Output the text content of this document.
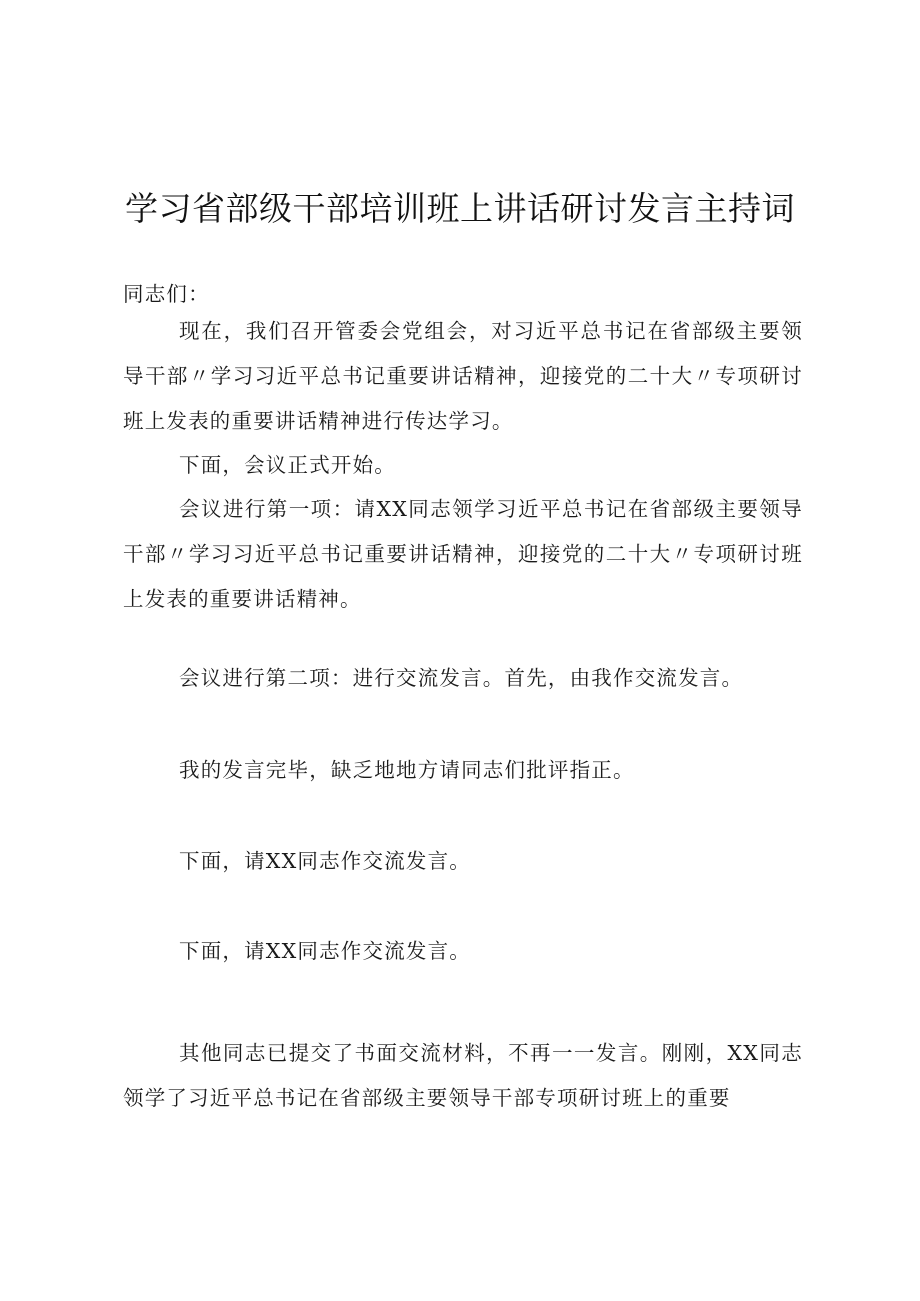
学习省部级干部培训班上讲话研讨发言主持词

同志们：

现在，我们召开管委会党组会，对习近平总书记在省部级主要领导干部〃学习习近平总书记重要讲话精神，迎接党的二十大〃专项研讨班上发表的重要讲话精神进行传达学习。

下面，会议正式开始。

会议进行第一项：请XX同志领学习近平总书记在省部级主要领导干部〃学习习近平总书记重要讲话精神，迎接党的二十大〃专项研讨班上发表的重要讲话精神。

会议进行第二项：进行交流发言。首先，由我作交流发言。

我的发言完毕，缺乏地地方请同志们批评指正。

下面，请XX同志作交流发言。

下面，请XX同志作交流发言。

其他同志已提交了书面交流材料，不再一一发言。刚刚，XX同志领学了习近平总书记在省部级主要领导干部专项研讨班上的重要
